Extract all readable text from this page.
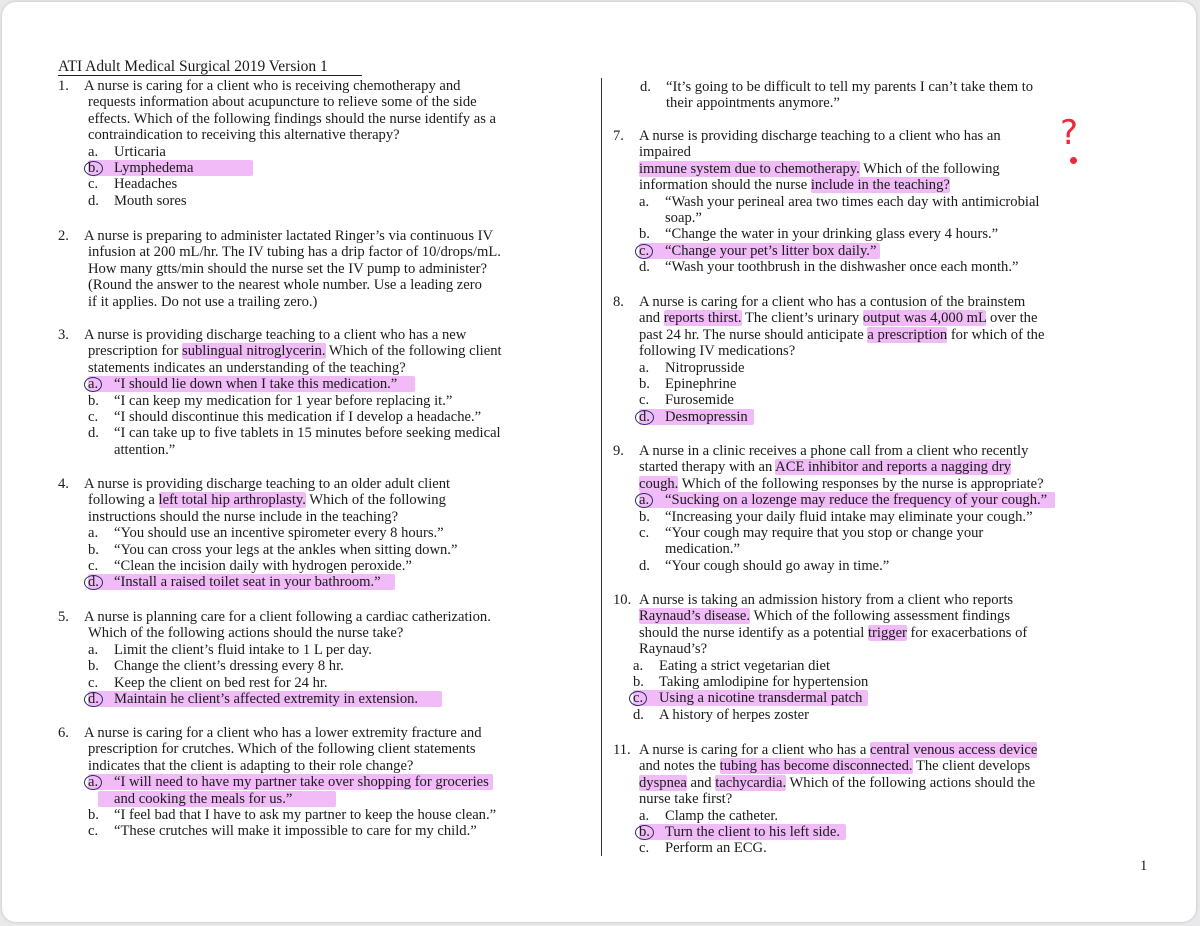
ATI Adult Medical Surgical 2019 Version 1
1. A nurse is caring for a client who is receiving chemotherapy and
requests information about acupuncture to relieve some of the side
effects. Which of the following findings should the nurse identify as a
contraindication to receiving this alternative therapy?
a. Urticaria
b. Lymphedema
c. Headaches
d. Mouth sores
2. A nurse is preparing to administer lactated Ringer’s via continuous IV
infusion at 200 mL/hr. The IV tubing has a drip factor of 10/drops/mL.
How many gtts/min should the nurse set the IV pump to administer?
(Round the answer to the nearest whole number. Use a leading zero
if it applies. Do not use a trailing zero.)
3. A nurse is providing discharge teaching to a client who has a new
prescription for sublingual nitroglycerin. Which of the following client
statements indicates an understanding of the teaching?
a. “I should lie down when I take this medication.”
b. “I can keep my medication for 1 year before replacing it.”
c. “I should discontinue this medication if I develop a headache.”
d. “I can take up to five tablets in 15 minutes before seeking medical
attention.”
4. A nurse is providing discharge teaching to an older adult client
following a left total hip arthroplasty. Which of the following
instructions should the nurse include in the teaching?
a. “You should use an incentive spirometer every 8 hours.”
b. “You can cross your legs at the ankles when sitting down.”
c. “Clean the incision daily with hydrogen peroxide.”
d. “Install a raised toilet seat in your bathroom.”
5. A nurse is planning care for a client following a cardiac catherization.
Which of the following actions should the nurse take?
a. Limit the client’s fluid intake to 1 L per day.
b. Change the client’s dressing every 8 hr.
c. Keep the client on bed rest for 24 hr.
d. Maintain he client’s affected extremity in extension.
6. A nurse is caring for a client who has a lower extremity fracture and
prescription for crutches. Which of the following client statements
indicates that the client is adapting to their role change?
a. “I will need to have my partner take over shopping for groceries
and cooking the meals for us.”
b. “I feel bad that I have to ask my partner to keep the house clean.”
c. “These crutches will make it impossible to care for my child.”
d. “It’s going to be difficult to tell my parents I can’t take them to
their appointments anymore.”
7. A nurse is providing discharge teaching to a client who has an
impaired
immune system due to chemotherapy. Which of the following
information should the nurse include in the teaching?
a. “Wash your perineal area two times each day with antimicrobial
soap.”
b. “Change the water in your drinking glass every 4 hours.”
c. “Change your pet’s litter box daily.”
d. “Wash your toothbrush in the dishwasher once each month.”
?
8. A nurse is caring for a client who has a contusion of the brainstem
and reports thirst. The client’s urinary output was 4,000 mL over the
past 24 hr. The nurse should anticipate a prescription for which of the
following IV medications?
a. Nitroprusside
b. Epinephrine
c. Furosemide
d. Desmopressin
9. A nurse in a clinic receives a phone call from a client who recently
started therapy with an ACE inhibitor and reports a nagging dry
cough. Which of the following responses by the nurse is appropriate?
a. “Sucking on a lozenge may reduce the frequency of your cough.”
b. “Increasing your daily fluid intake may eliminate your cough.”
c. “Your cough may require that you stop or change your
medication.”
d. “Your cough should go away in time.”
10. A nurse is taking an admission history from a client who reports
Raynaud’s disease. Which of the following assessment findings
should the nurse identify as a potential trigger for exacerbations of
Raynaud’s?
a. Eating a strict vegetarian diet
b. Taking amlodipine for hypertension
c. Using a nicotine transdermal patch
d. A history of herpes zoster
11. A nurse is caring for a client who has a central venous access device
and notes the tubing has become disconnected. The client develops
dyspnea and tachycardia. Which of the following actions should the
nurse take first?
a. Clamp the catheter.
b. Turn the client to his left side.
c. Perform an ECG.
1
